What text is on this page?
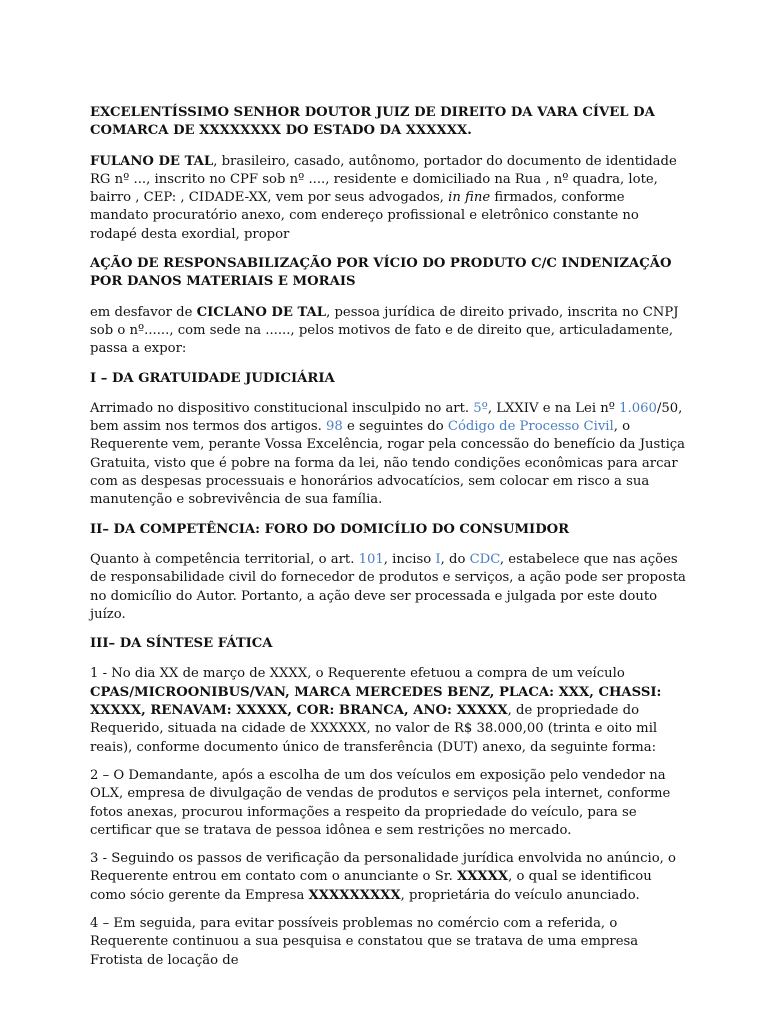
EXCELENTÍSSIMO SENHOR DOUTOR JUIZ DE DIREITO DA VARA CÍVEL DA COMARCA DE XXXXXXXX DO ESTADO DA XXXXXX.

FULANO DE TAL, brasileiro, casado, autônomo, portador do documento de identidade RG nº ..., inscrito no CPF sob nº ...., residente e domiciliado na Rua , nº quadra, lote, bairro , CEP: , CIDADE-XX, vem por seus advogados, in fine firmados, conforme mandato procuratório anexo, com endereço profissional e eletrônico constante no rodapé desta exordial, propor

AÇÃO DE RESPONSABILIZAÇÃO POR VÍCIO DO PRODUTO C/C INDENIZAÇÃO POR DANOS MATERIAIS E MORAIS

em desfavor de CICLANO DE TAL, pessoa jurídica de direito privado, inscrita no CNPJ sob o nº......, com sede na ......, pelos motivos de fato e de direito que, articuladamente, passa a expor:

I – DA GRATUIDADE JUDICIÁRIA

Arrimado no dispositivo constitucional insculpido no art. 5º, LXXIV e na Lei nº 1.060/50, bem assim nos termos dos artigos. 98 e seguintes do Código de Processo Civil, o Requerente vem, perante Vossa Excelência, rogar pela concessão do benefício da Justiça Gratuita, visto que é pobre na forma da lei, não tendo condições econômicas para arcar com as despesas processuais e honorários advocatícios, sem colocar em risco a sua manutenção e sobrevivência de sua família.

II– DA COMPETÊNCIA: FORO DO DOMICÍLIO DO CONSUMIDOR

Quanto à competência territorial, o art. 101, inciso I, do CDC, estabelece que nas ações de responsabilidade civil do fornecedor de produtos e serviços, a ação pode ser proposta no domicílio do Autor. Portanto, a ação deve ser processada e julgada por este douto juízo.

III– DA SÍNTESE FÁTICA

1 - No dia XX de março de XXXX, o Requerente efetuou a compra de um veículo CPAS/MICROONIBUS/VAN, MARCA MERCEDES BENZ, PLACA: XXX, CHASSI: XXXXX, RENAVAM: XXXXX, COR: BRANCA, ANO: XXXXX, de propriedade do Requerido, situada na cidade de XXXXXX, no valor de R$ 38.000,00 (trinta e oito mil reais), conforme documento único de transferência (DUT) anexo, da seguinte forma:

2 – O Demandante, após a escolha de um dos veículos em exposição pelo vendedor na OLX, empresa de divulgação de vendas de produtos e serviços pela internet, conforme fotos anexas, procurou informações a respeito da propriedade do veículo, para se certificar que se tratava de pessoa idônea e sem restrições no mercado.

3 - Seguindo os passos de verificação da personalidade jurídica envolvida no anúncio, o Requerente entrou em contato com o anunciante o Sr. XXXXX, o qual se identificou como sócio gerente da Empresa XXXXXXXXX, proprietária do veículo anunciado.

4 – Em seguida, para evitar possíveis problemas no comércio com a referida, o Requerente continuou a sua pesquisa e constatou que se tratava de uma empresa Frotista de locação de
